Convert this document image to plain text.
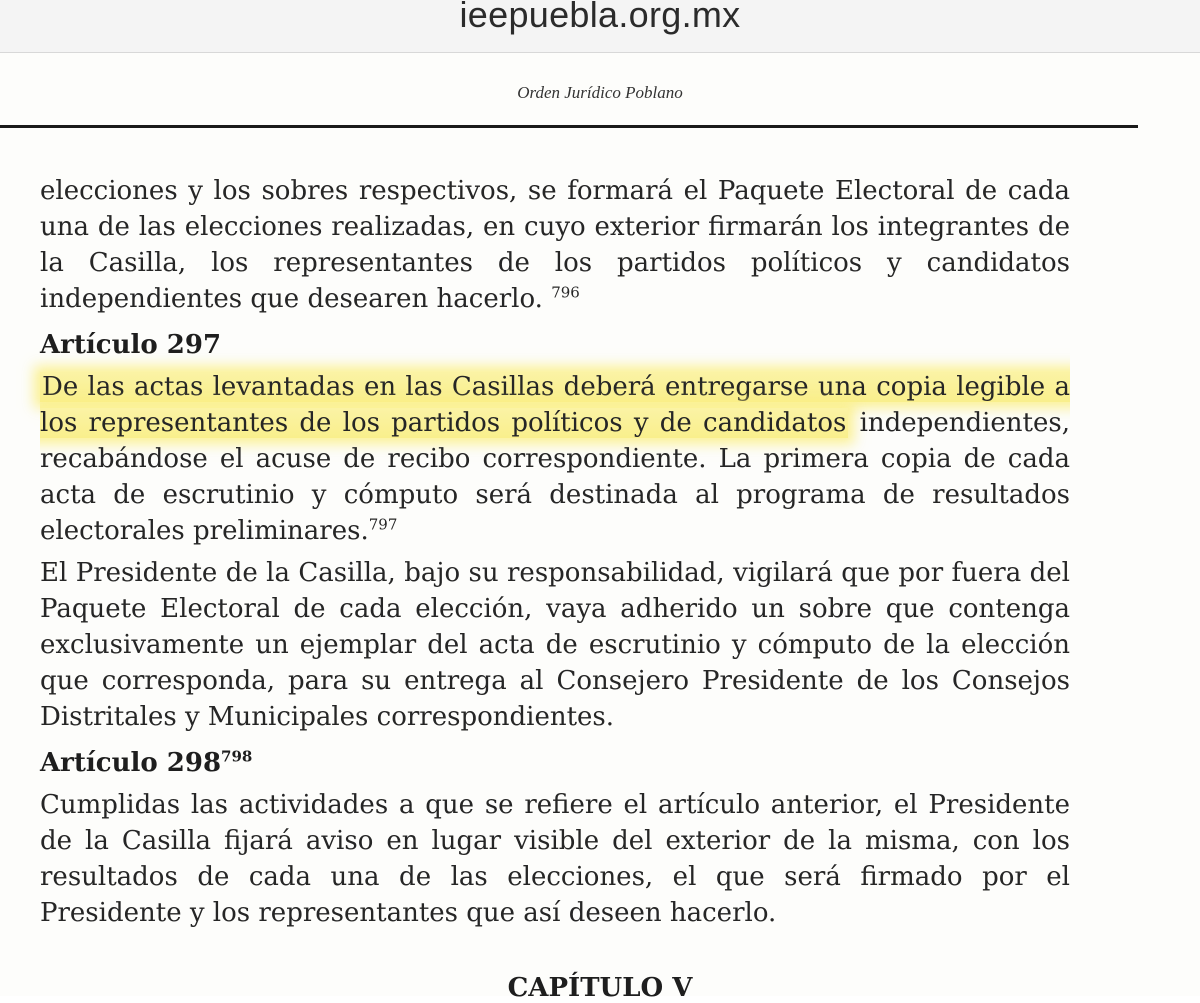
ieepuebla.org.mx
Orden Jurídico Poblano

elecciones y los sobres respectivos, se formará el Paquete Electoral de cada una de las elecciones realizadas, en cuyo exterior firmarán los integrantes de la Casilla, los representantes de los partidos políticos y candidatos independientes que desearen hacerlo. $^{796}$

Artículo 297

De las actas levantadas en las Casillas deberá entregarse una copia legible a los representantes de los partidos políticos y de candidatos independientes, recabándose el acuse de recibo correspondiente. La primera copia de cada acta de escrutinio y cómputo será destinada al programa de resultados electorales preliminares.$^{797}$

El Presidente de la Casilla, bajo su responsabilidad, vigilará que por fuera del Paquete Electoral de cada elección, vaya adherido un sobre que contenga exclusivamente un ejemplar del acta de escrutinio y cómputo de la elección que corresponda, para su entrega al Consejero Presidente de los Consejos Distritales y Municipales correspondientes.

Artículo $298^{798}$

Cumplidas las actividades a que se refiere el artículo anterior, el Presidente de la Casilla fijará aviso en lugar visible del exterior de la misma, con los resultados de cada una de las elecciones, el que será firmado por el Presidente y los representantes que así deseen hacerlo.

CAPÍTULO V
